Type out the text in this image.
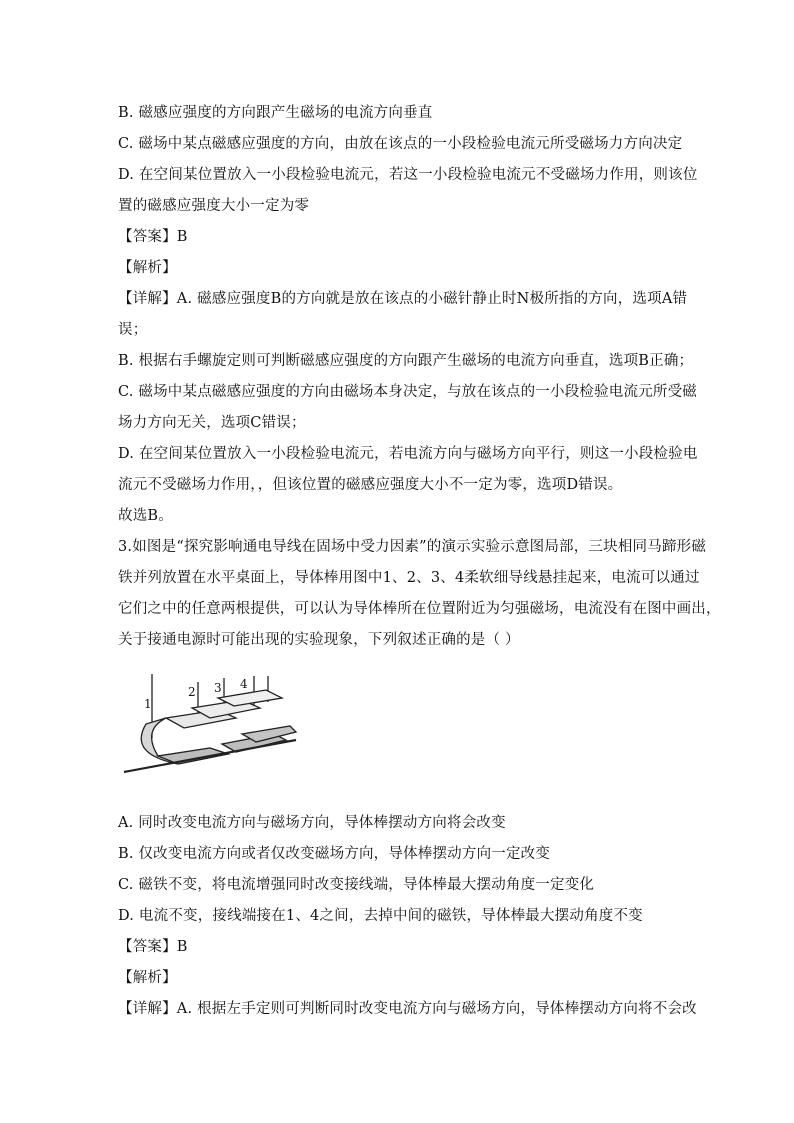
B. 磁感应强度的方向跟产生磁场的电流方向垂直
C. 磁场中某点磁感应强度的方向，由放在该点的一小段检验电流元所受磁场力方向决定
D. 在空间某位置放入一小段检验电流元，若这一小段检验电流元不受磁场力作用，则该位
置的磁感应强度大小一定为零
【答案】B
【解析】
【详解】A. 磁感应强度B的方向就是放在该点的小磁针静止时N极所指的方向，选项A错
误；
B. 根据右手螺旋定则可判断磁感应强度的方向跟产生磁场的电流方向垂直，选项B正确；
C. 磁场中某点磁感应强度的方向由磁场本身决定，与放在该点的一小段检验电流元所受磁
场力方向无关，选项C错误；
D. 在空间某位置放入一小段检验电流元，若电流方向与磁场方向平行，则这一小段检验电
流元不受磁场力作用，，但该位置的磁感应强度大小不一定为零，选项D错误。
故选B。
3.如图是“探究影响通电导线在固场中受力因素”的演示实验示意图局部，三块相同马蹄形磁
铁并列放置在水平桌面上，导体棒用图中1、2、3、4柔软细导线悬挂起来，电流可以通过
它们之中的任意两根提供，可以认为导体棒所在位置附近为匀强磁场，电流没有在图中画出，
关于接通电源时可能出现的实验现象，下列叙述正确的是（ ）
1
2 3 4
A. 同时改变电流方向与磁场方向，导体棒摆动方向将会改变
B. 仅改变电流方向或者仅改变磁场方向，导体棒摆动方向一定改变
C. 磁铁不变，将电流增强同时改变接线端，导体棒最大摆动角度一定变化
D. 电流不变，接线端接在1、4之间，去掉中间的磁铁，导体棒最大摆动角度不变
【答案】B
【解析】
【详解】A. 根据左手定则可判断同时改变电流方向与磁场方向，导体棒摆动方向将不会改
